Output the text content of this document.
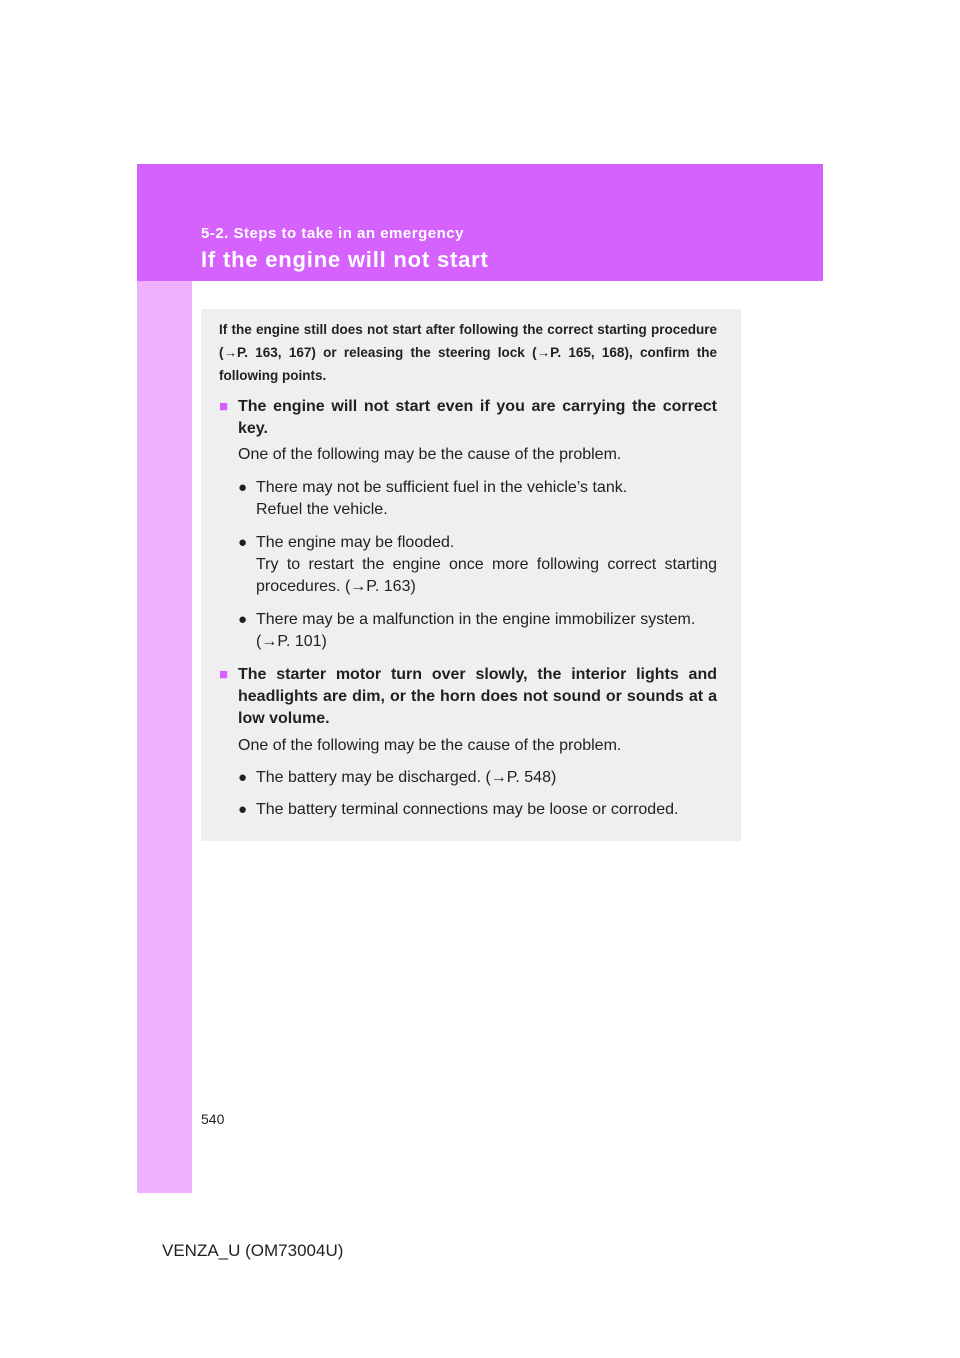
5-2. Steps to take in an emergency
If the engine will not start
If the engine still does not start after following the correct starting procedure (→P. 163, 167) or releasing the steering lock (→P. 165, 168), confirm the following points.
■ The engine will not start even if you are carrying the correct key.
One of the following may be the cause of the problem.
● There may not be sufficient fuel in the vehicle’s tank.
Refuel the vehicle.
● The engine may be flooded.
Try to restart the engine once more following correct starting procedures. (→P. 163)
● There may be a malfunction in the engine immobilizer system.
(→P. 101)
■ The starter motor turn over slowly, the interior lights and headlights are dim, or the horn does not sound or sounds at a low volume.
One of the following may be the cause of the problem.
● The battery may be discharged. (→P. 548)
● The battery terminal connections may be loose or corroded.
540
VENZA_U (OM73004U)
